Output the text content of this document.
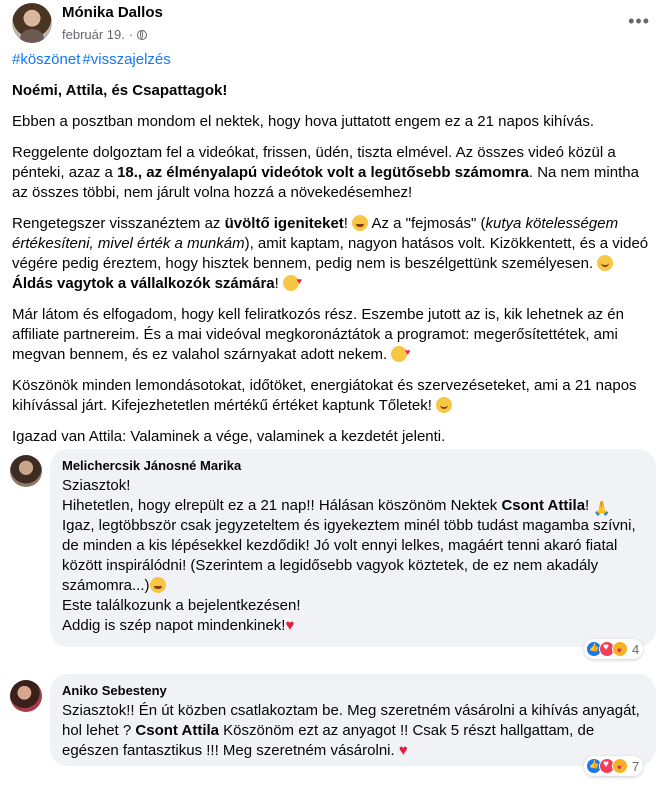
Mónika Dallos
február 19. ·
•••

#köszönet #visszajelzés

Noémi, Attila, és Csapattagok!

Ebben a posztban mondom el nektek, hogy hova juttatott engem ez a 21 napos kihívás.

Reggelente dolgoztam fel a videókat, frissen, üdén, tiszta elmével. Az összes videó közül a pénteki, azaz a 18., az élményalapú videótok volt a legütősebb számomra. Na nem mintha az összes többi, nem járult volna hozzá a növekedésemhez!

Rengetegszer visszanéztem az üvöltő igeniteket!  Az a "fejmosás" (kutya kötelességem értékesíteni, mivel érték a munkám), amit kaptam, nagyon hatásos volt. Kizökkentett, és a videó végére pedig éreztem, hogy hisztek bennem, pedig nem is beszélgettünk személyesen.  Áldás vagytok a vállalkozók számára! ♥

Már látom és elfogadom, hogy kell feliratkozós rész. Eszembe jutott az is, kik lehetnek az én affiliate partnereim. És a mai videóval megkoronáztátok a programot: megerősítettétek, ami megvan bennem, és ez valahol szárnyakat adott nekem. ♥

Köszönök minden lemondásotokat, időtöket, energiátokat és szervezéseteket, ami a 21 napos kihívással járt. Kifejezhetetlen mértékű értéket kaptunk Tőletek!

Igazad van Attila: Valaminek a vége, valaminek a kezdetét jelenti.

Melichercsik Jánosné Marika
Sziasztok!
Hihetetlen, hogy elrepült ez a 21 nap!! Hálásan köszönöm Nektek Csont Attila! 🙏
Igaz, legtöbbször csak jegyzeteltem és igyekeztem minél több tudást magamba szívni, de minden a kis lépésekkel kezdődik! Jó volt ennyi lelkes, magáért tenni akaró fiatal között inspirálódni! (Szerintem a legidősebb vagyok köztetek, de ez nem akadály számomra...)
Este találkozunk a bejelentkezésen!
Addig is szép napot mindenkinek!♥
👍
♥
♥
4
Aniko Sebesteny
Sziasztok!! Én út közben csatlakoztam be. Meg szeretném vásárolni a kihívás anyagát, hol lehet ? Csont Attila Köszönöm ezt az anyagot !! Csak 5 részt hallgattam, de egészen fantasztikus !!! Meg szeretném vásárolni. ♥
👍
♥
♥
7
